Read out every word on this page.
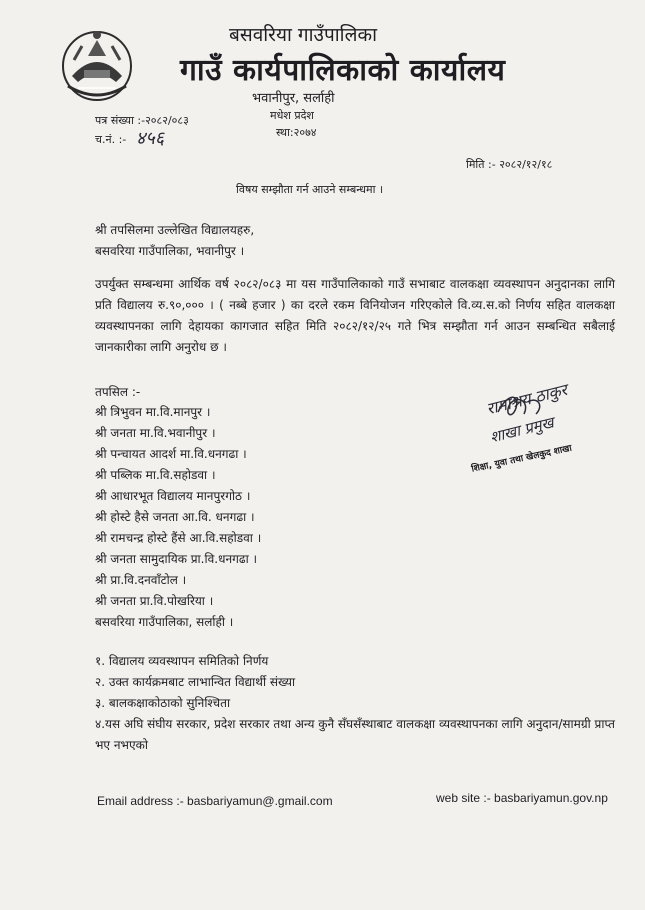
बसवरिया गाउँपालिका
गाउँ कार्यपालिकाको कार्यालय
भवानीपुर, सर्लाही
मधेश प्रदेश
स्था:२०७४
पत्र संख्या :-२०८२/०८३
च.नं. :- ४५६
मिति :- २०८२/१२/१८
विषय सम्झौता गर्न आउने सम्बन्धमा ।
श्री तपसिलमा उल्लेखित विद्यालयहरु,
बसवरिया गाउँपालिका, भवानीपुर ।
उपर्युक्त सम्बन्धमा आर्थिक वर्ष २०८२/०८३ मा यस गाउँपालिकाको गाउँ सभाबाट वालकक्षा व्यवस्थापन अनुदानका लागि प्रति विद्यालय रु.९०,००० । ( नब्बे हजार ) का दरले रकम विनियोजन गरिएकोले वि.व्य.स.को निर्णय सहित वालकक्षा व्यवस्थापनका लागि देहायका कागजात सहित मिति २०८२/१२/२५ गते भित्र सम्झौता गर्न आउन सम्बन्धित सबैलाई जानकारीका लागि अनुरोध छ ।
तपसिल :-
श्री त्रिभुवन मा.वि.मानपुर ।
श्री जनता मा.वि.भवानीपुर ।
श्री पन्चायत आदर्श मा.वि.धनगढा ।
श्री पब्लिक मा.वि.सहोडवा ।
श्री आधारभूत विद्यालय मानपुरगोठ ।
श्री होस्टे हैसे जनता आ.वि. धनगढा ।
श्री रामचन्द्र होस्टे हैंसे आ.वि.सहोडवा ।
श्री जनता सामुदायिक प्रा.वि.धनगढा ।
श्री प्रा.वि.दनवाँटोल ।
श्री जनता प्रा.वि.पोखरिया ।
बसवरिया गाउँपालिका, सर्लाही ।
रामाश्रय ठाकुर
शाखा प्रमुख
शिक्षा, युवा तथा खेलकुद शाखा
१. विद्यालय व्यवस्थापन समितिको निर्णय
२. उक्त कार्यक्रमबाट लाभान्वित विद्यार्थी संख्या
३. बालकक्षाकोठाको सुनिश्चिता
४.यस अघि संघीय सरकार, प्रदेश सरकार तथा अन्य कुनै सँघसँस्थाबाट वालकक्षा व्यवस्थापनका लागि अनुदान/सामग्री प्राप्त भए नभएको
Email address :- basbariyamun@.gmail.com	web site :- basbariyamun.gov.np
